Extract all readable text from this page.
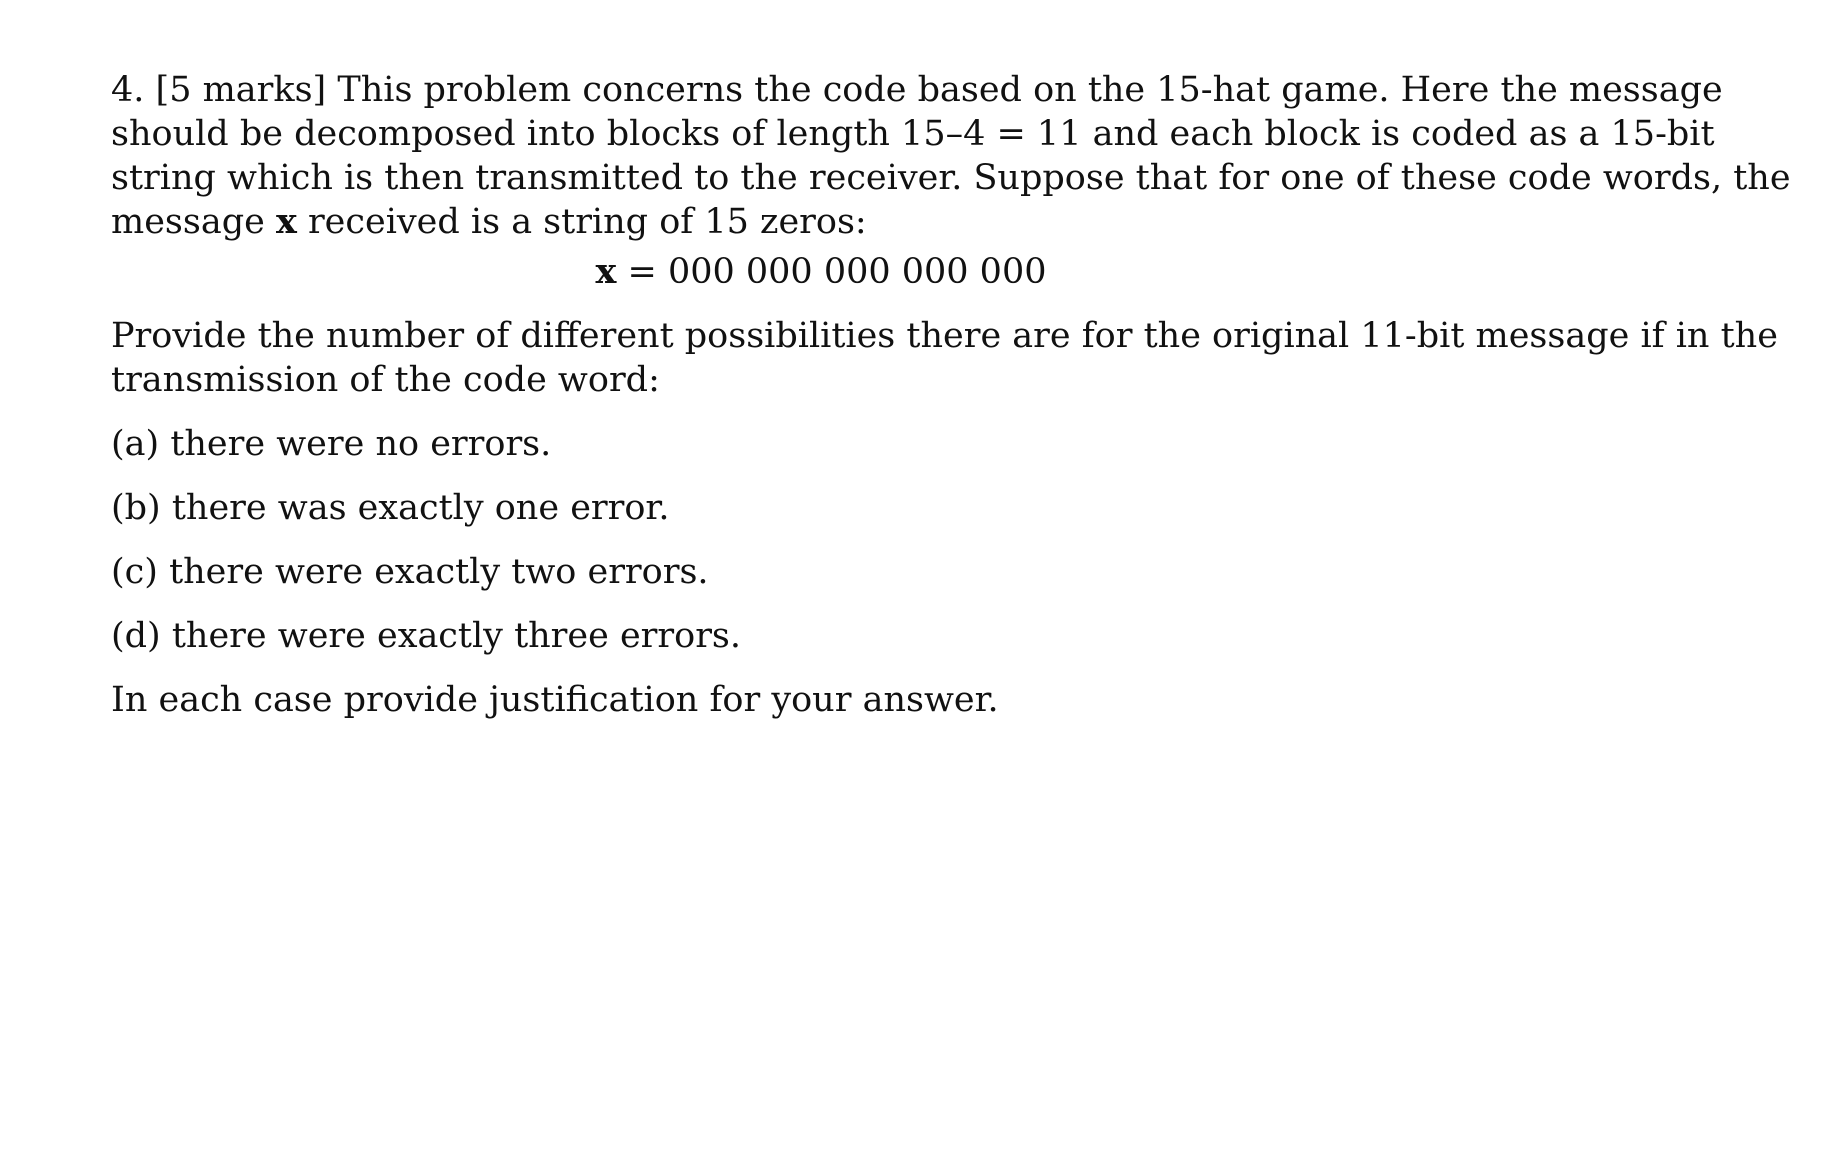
4. [5 marks] This problem concerns the code based on the 15-hat game. Here the message should be decomposed into blocks of length 15–4 = 11 and each block is coded as a 15-bit string which is then transmitted to the receiver. Suppose that for one of these code words, the message x received is a string of 15 zeros:

x = 000 000 000 000 000

Provide the number of different possibilities there are for the original 11-bit message if in the transmission of the code word:

(a) there were no errors.

(b) there was exactly one error.

(c) there were exactly two errors.

(d) there were exactly three errors.

In each case provide justification for your answer.
